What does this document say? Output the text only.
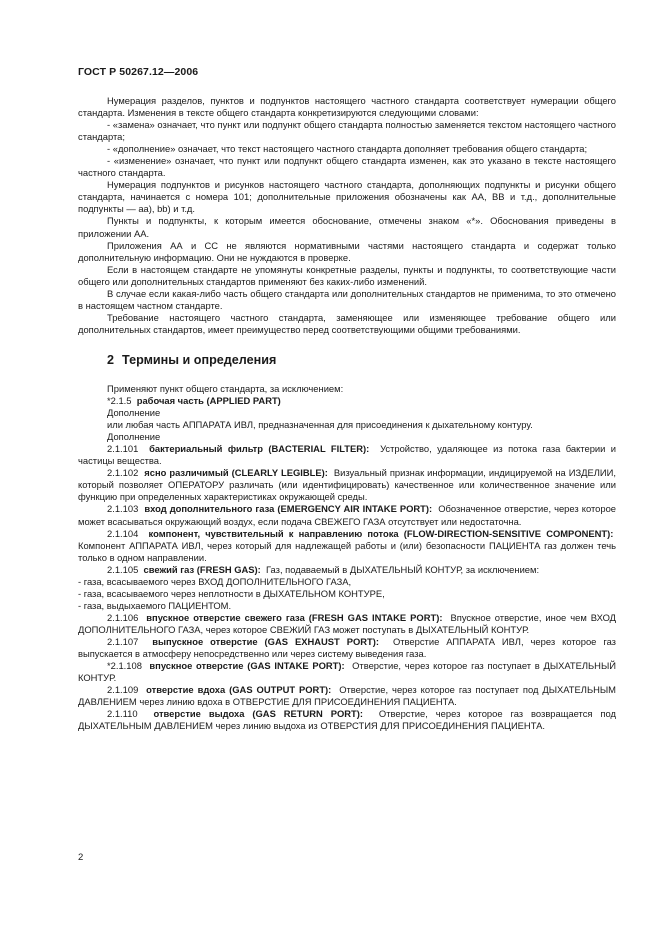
ГОСТ Р 50267.12—2006

Нумерация разделов, пунктов и подпунктов настоящего частного стандарта соответствует нумерации общего стандарта. Изменения в тексте общего стандарта конкретизируются следующими словами:

- «замена» означает, что пункт или подпункт общего стандарта полностью заменяется текстом настоящего частного стандарта;

- «дополнение» означает, что текст настоящего частного стандарта дополняет требования общего стандарта;

- «изменение» означает, что пункт или подпункт общего стандарта изменен, как это указано в тексте настоящего частного стандарта.

Нумерация подпунктов и рисунков настоящего частного стандарта, дополняющих подпункты и рисунки общего стандарта, начинается с номера 101; дополнительные приложения обозначены как АА, ВВ и т.д., дополнительные подпункты — аа), bb) и т.д.

Пункты и подпункты, к которым имеется обоснование, отмечены знаком «*». Обоснования приведены в приложении АА.

Приложения АА и СС не являются нормативными частями настоящего стандарта и содержат только дополнительную информацию. Они не нуждаются в проверке.

Если в настоящем стандарте не упомянуты конкретные разделы, пункты и подпункты, то соответствующие части общего или дополнительных стандартов применяют без каких-либо изменений.

В случае если какая-либо часть общего стандарта или дополнительных стандартов не применима, то это отмечено в настоящем частном стандарте.

Требование настоящего частного стандарта, заменяющее или изменяющее требование общего или дополнительных стандартов, имеет преимущество перед соответствующими общими требованиями.

2 Термины и определения

Применяют пункт общего стандарта, за исключением:

*2.1.5 рабочая часть (APPLIED PART)

Дополнение

или любая часть АППАРАТА ИВЛ, предназначенная для присоединения к дыхательному контуру.

Дополнение

2.1.101 бактериальный фильтр (BACTERIAL FILTER): Устройство, удаляющее из потока газа бактерии и частицы вещества.

2.1.102 ясно различимый (CLEARLY LEGIBLE): Визуальный признак информации, индицируемой на ИЗДЕЛИИ, который позволяет ОПЕРАТОРУ различать (или идентифицировать) качественное или количественное значение или функцию при определенных характеристиках окружающей среды.

2.1.103 вход дополнительного газа (EMERGENCY AIR INTAKE PORT): Обозначенное отверстие, через которое может всасываться окружающий воздух, если подача СВЕЖЕГО ГАЗА отсутствует или недостаточна.

2.1.104 компонент, чувствительный к направлению потока (FLOW-DIRECTION-SENSITIVE COMPONENT):  Компонент АППАРАТА ИВЛ, через который для надлежащей работы и (или) безопасности ПАЦИЕНТА газ должен течь только в одном направлении.

2.1.105 свежий газ (FRESH GAS): Газ, подаваемый в ДЫХАТЕЛЬНЫЙ КОНТУР, за исключением:

- газа, всасываемого через ВХОД ДОПОЛНИТЕЛЬНОГО ГАЗА,

- газа, всасываемого через неплотности в ДЫХАТЕЛЬНОМ КОНТУРЕ,

- газа, выдыхаемого ПАЦИЕНТОМ.

2.1.106 впускное отверстие свежего газа (FRESH GAS INTAKE PORT): Впускное отверстие, иное чем ВХОД ДОПОЛНИТЕЛЬНОГО ГАЗА, через которое СВЕЖИЙ ГАЗ может поступать в ДЫХАТЕЛЬНЫЙ КОНТУР.

2.1.107 выпускное отверстие (GAS EXHAUST PORT): Отверстие АППАРАТА ИВЛ, через которое газ выпускается в атмосферу непосредственно или через систему выведения газа.

*2.1.108 впускное отверстие (GAS INTAKE PORT): Отверстие, через которое газ поступает в ДЫХАТЕЛЬНЫЙ КОНТУР.

2.1.109 отверстие вдоха (GAS OUTPUT PORT): Отверстие, через которое газ поступает под ДЫХАТЕЛЬНЫМ ДАВЛЕНИЕМ через линию вдоха в ОТВЕРСТИЕ ДЛЯ ПРИСОЕДИНЕНИЯ ПАЦИЕНТА.

2.1.110 отверстие выдоха (GAS RETURN PORT): Отверстие, через которое газ возвращается под ДЫХАТЕЛЬНЫМ ДАВЛЕНИЕМ через линию выдоха из ОТВЕРСТИЯ ДЛЯ ПРИСОЕДИНЕНИЯ ПАЦИЕНТА.

2
